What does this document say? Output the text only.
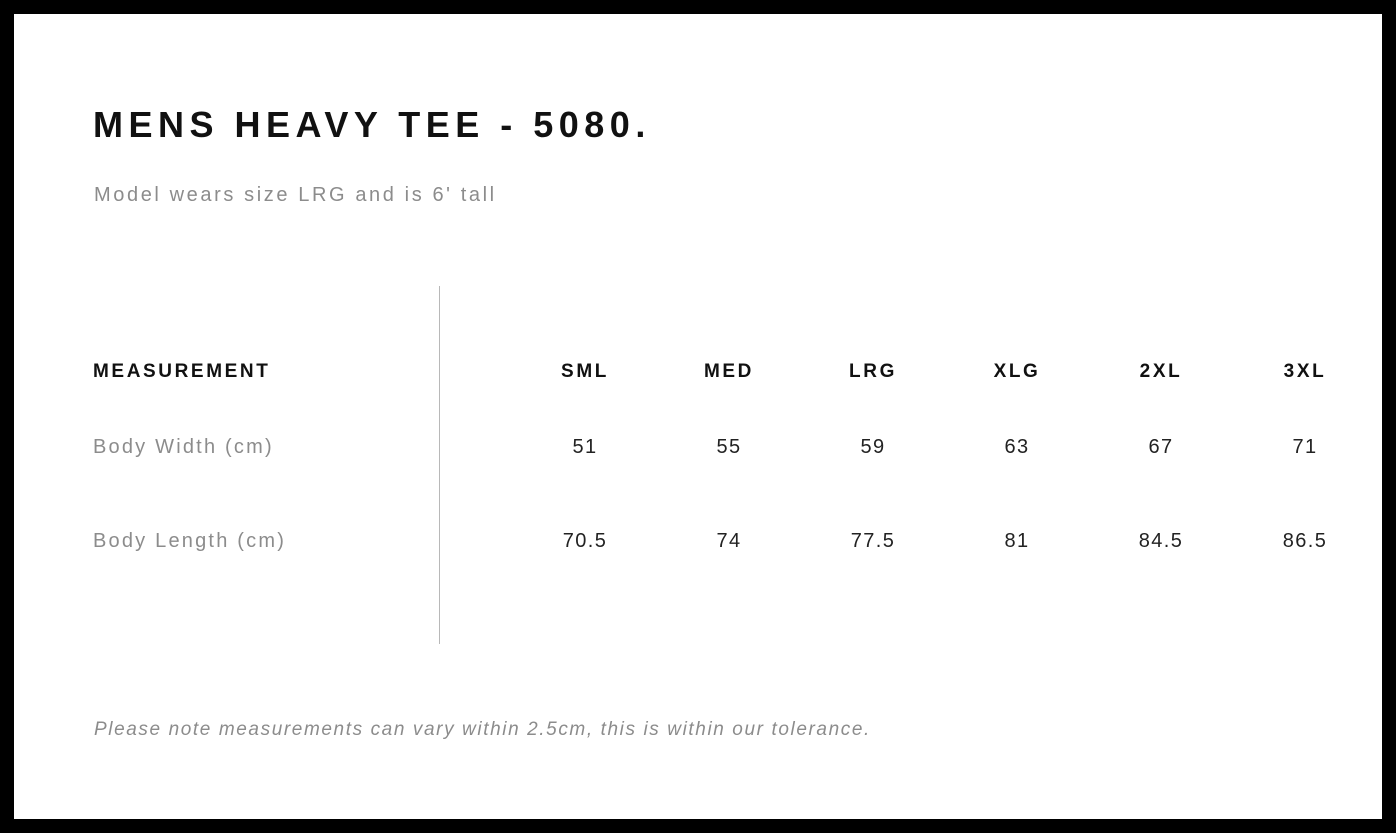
MENS HEAVY TEE - 5080.
Model wears size LRG and is 6' tall
MEASUREMENT	SML	MED	LRG	XLG	2XL	3XL
Body Width (cm)	51	55	59	63	67	71
Body Length (cm)	70.5	74	77.5	81	84.5	86.5
Please note measurements can vary within 2.5cm, this is within our tolerance.
